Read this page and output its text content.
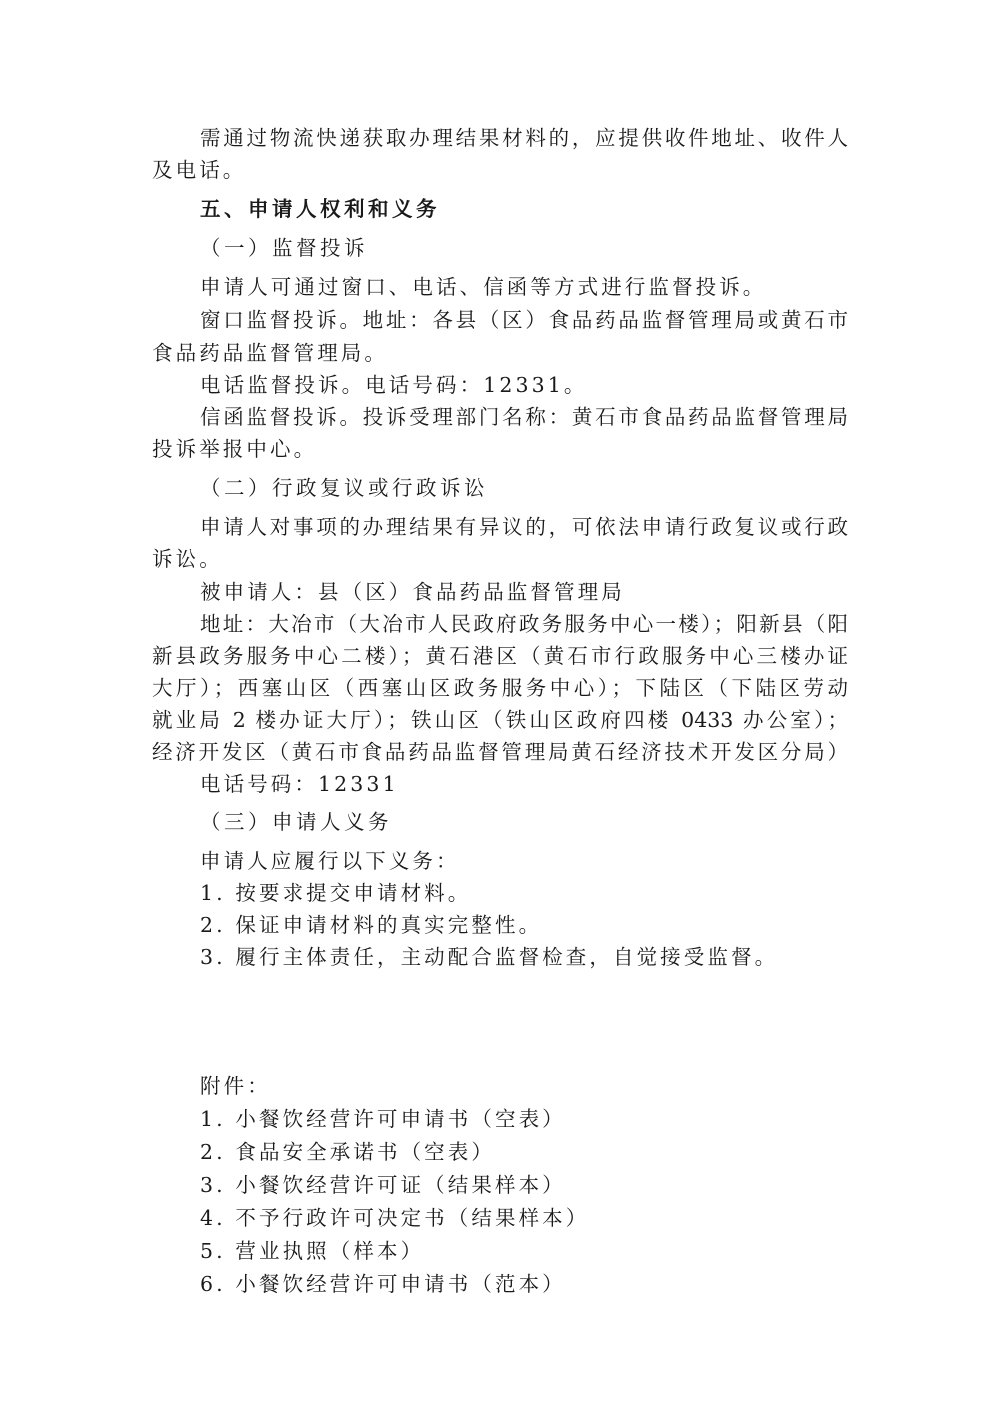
需通过物流快递获取办理结果材料的，应提供收件地址、收件人
及电话。
五、申请人权利和义务
（一）监督投诉
申请人可通过窗口、电话、信函等方式进行监督投诉。
窗口监督投诉。地址：各县（区）食品药品监督管理局或黄石市
食品药品监督管理局。
电话监督投诉。电话号码：12331。
信函监督投诉。投诉受理部门名称：黄石市食品药品监督管理局
投诉举报中心。
（二）行政复议或行政诉讼
申请人对事项的办理结果有异议的，可依法申请行政复议或行政
诉讼。
被申请人：县（区）食品药品监督管理局
地址：大冶市（大冶市人民政府政务服务中心一楼）；阳新县（阳
新县政务服务中心二楼）；黄石港区（黄石市行政服务中心三楼办证
大厅）；西塞山区（西塞山区政务服务中心）；下陆区（下陆区劳动
就业局 2 楼办证大厅）；铁山区（铁山区政府四楼 0433 办公室）；
经济开发区（黄石市食品药品监督管理局黄石经济技术开发区分局）
电话号码：12331
（三）申请人义务
申请人应履行以下义务：
1. 按要求提交申请材料。
2. 保证申请材料的真实完整性。
3. 履行主体责任，主动配合监督检查，自觉接受监督。
附件：
1. 小餐饮经营许可申请书（空表）
2. 食品安全承诺书（空表）
3. 小餐饮经营许可证（结果样本）
4. 不予行政许可决定书（结果样本）
5. 营业执照（样本）
6. 小餐饮经营许可申请书（范本）
